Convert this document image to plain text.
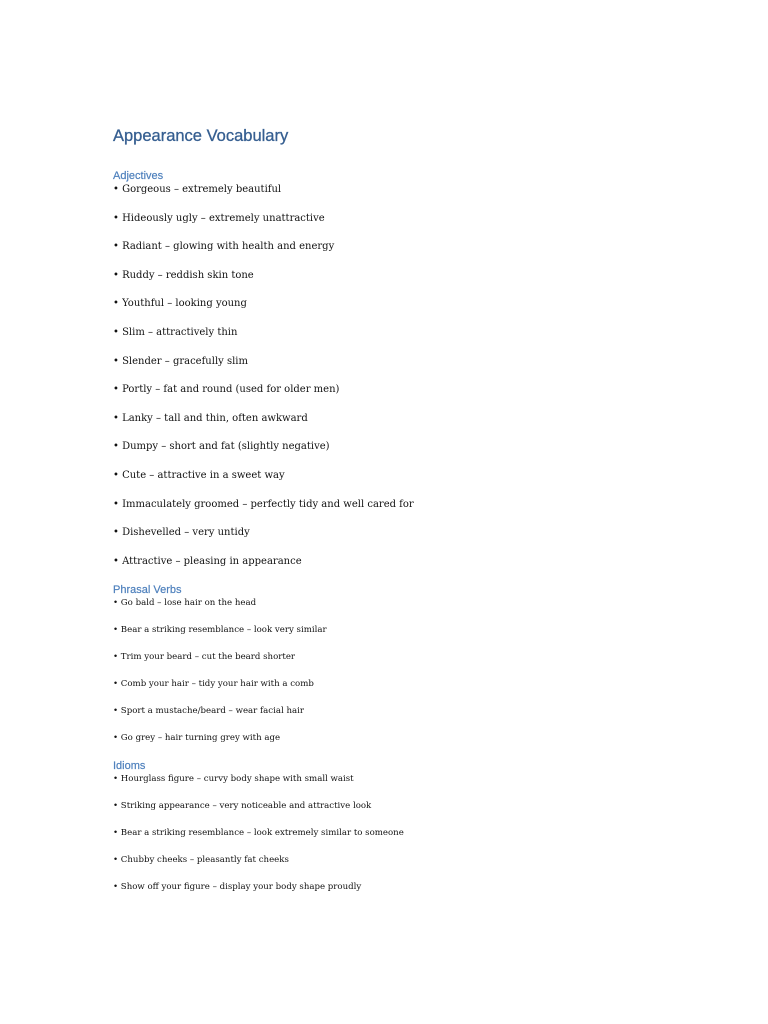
Appearance Vocabulary
Adjectives
• Gorgeous – extremely beautiful
• Hideously ugly – extremely unattractive
• Radiant – glowing with health and energy
• Ruddy – reddish skin tone
• Youthful – looking young
• Slim – attractively thin
• Slender – gracefully slim
• Portly – fat and round (used for older men)
• Lanky – tall and thin, often awkward
• Dumpy – short and fat (slightly negative)
• Cute – attractive in a sweet way
• Immaculately groomed – perfectly tidy and well cared for
• Dishevelled – very untidy
• Attractive – pleasing in appearance
Phrasal Verbs
• Go bald – lose hair on the head
• Bear a striking resemblance – look very similar
• Trim your beard – cut the beard shorter
• Comb your hair – tidy your hair with a comb
• Sport a mustache/beard – wear facial hair
• Go grey – hair turning grey with age
Idioms
• Hourglass figure – curvy body shape with small waist
• Striking appearance – very noticeable and attractive look
• Bear a striking resemblance – look extremely similar to someone
• Chubby cheeks – pleasantly fat cheeks
• Show off your figure – display your body shape proudly
